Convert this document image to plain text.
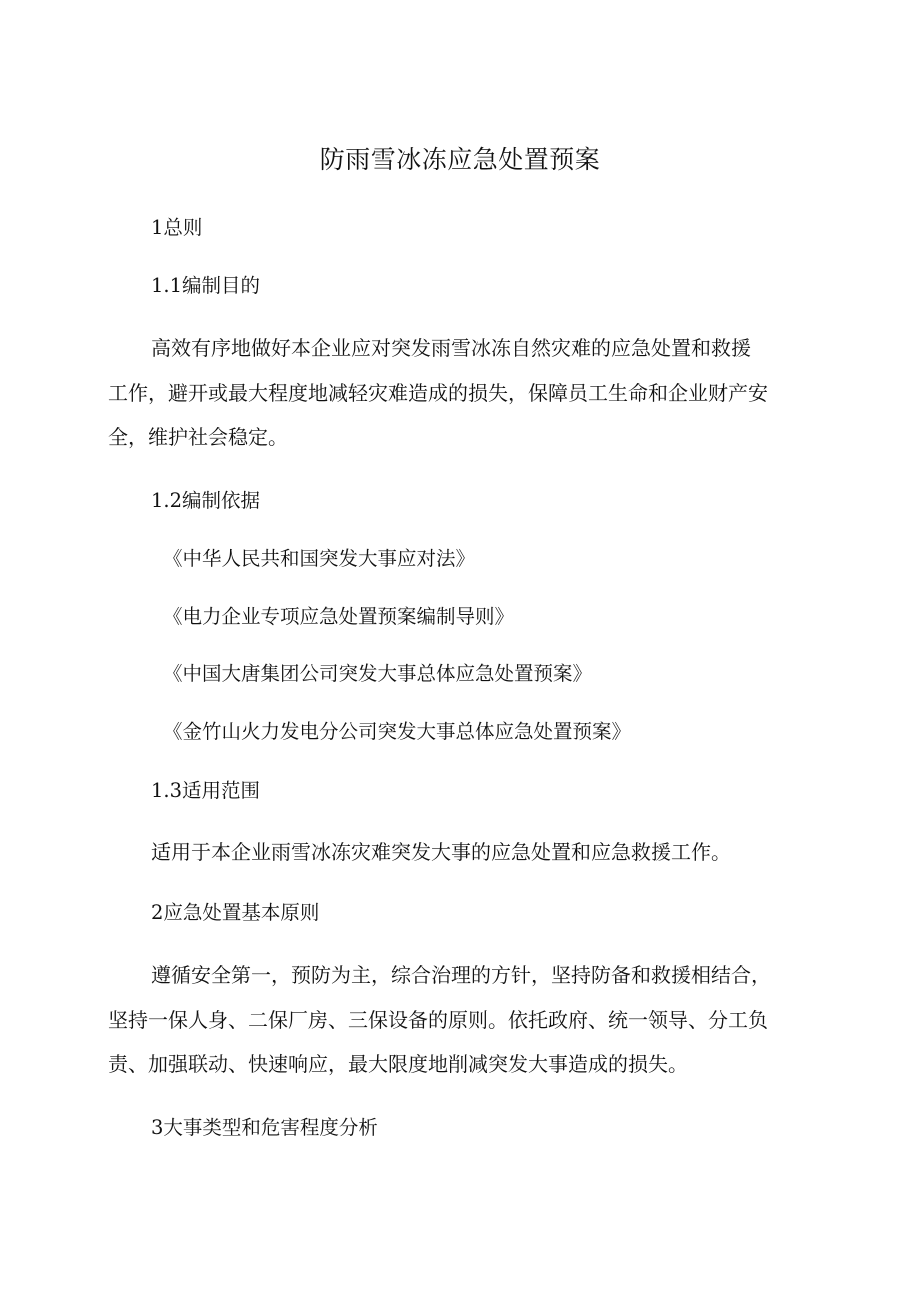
防雨雪冰冻应急处置预案
1总则
1.1编制目的
高效有序地做好本企业应对突发雨雪冰冻自然灾难的应急处置和救援
工作，避开或最大程度地减轻灾难造成的损失，保障员工生命和企业财产安
全，维护社会稳定。
1.2编制依据
《中华人民共和国突发大事应对法》
《电力企业专项应急处置预案编制导则》
《中国大唐集团公司突发大事总体应急处置预案》
《金竹山火力发电分公司突发大事总体应急处置预案》
1.3适用范围
适用于本企业雨雪冰冻灾难突发大事的应急处置和应急救援工作。
2应急处置基本原则
遵循安全第一，预防为主，综合治理的方针，坚持防备和救援相结合，
坚持一保人身、二保厂房、三保设备的原则。依托政府、统一领导、分工负
责、加强联动、快速响应，最大限度地削减突发大事造成的损失。
3大事类型和危害程度分析
